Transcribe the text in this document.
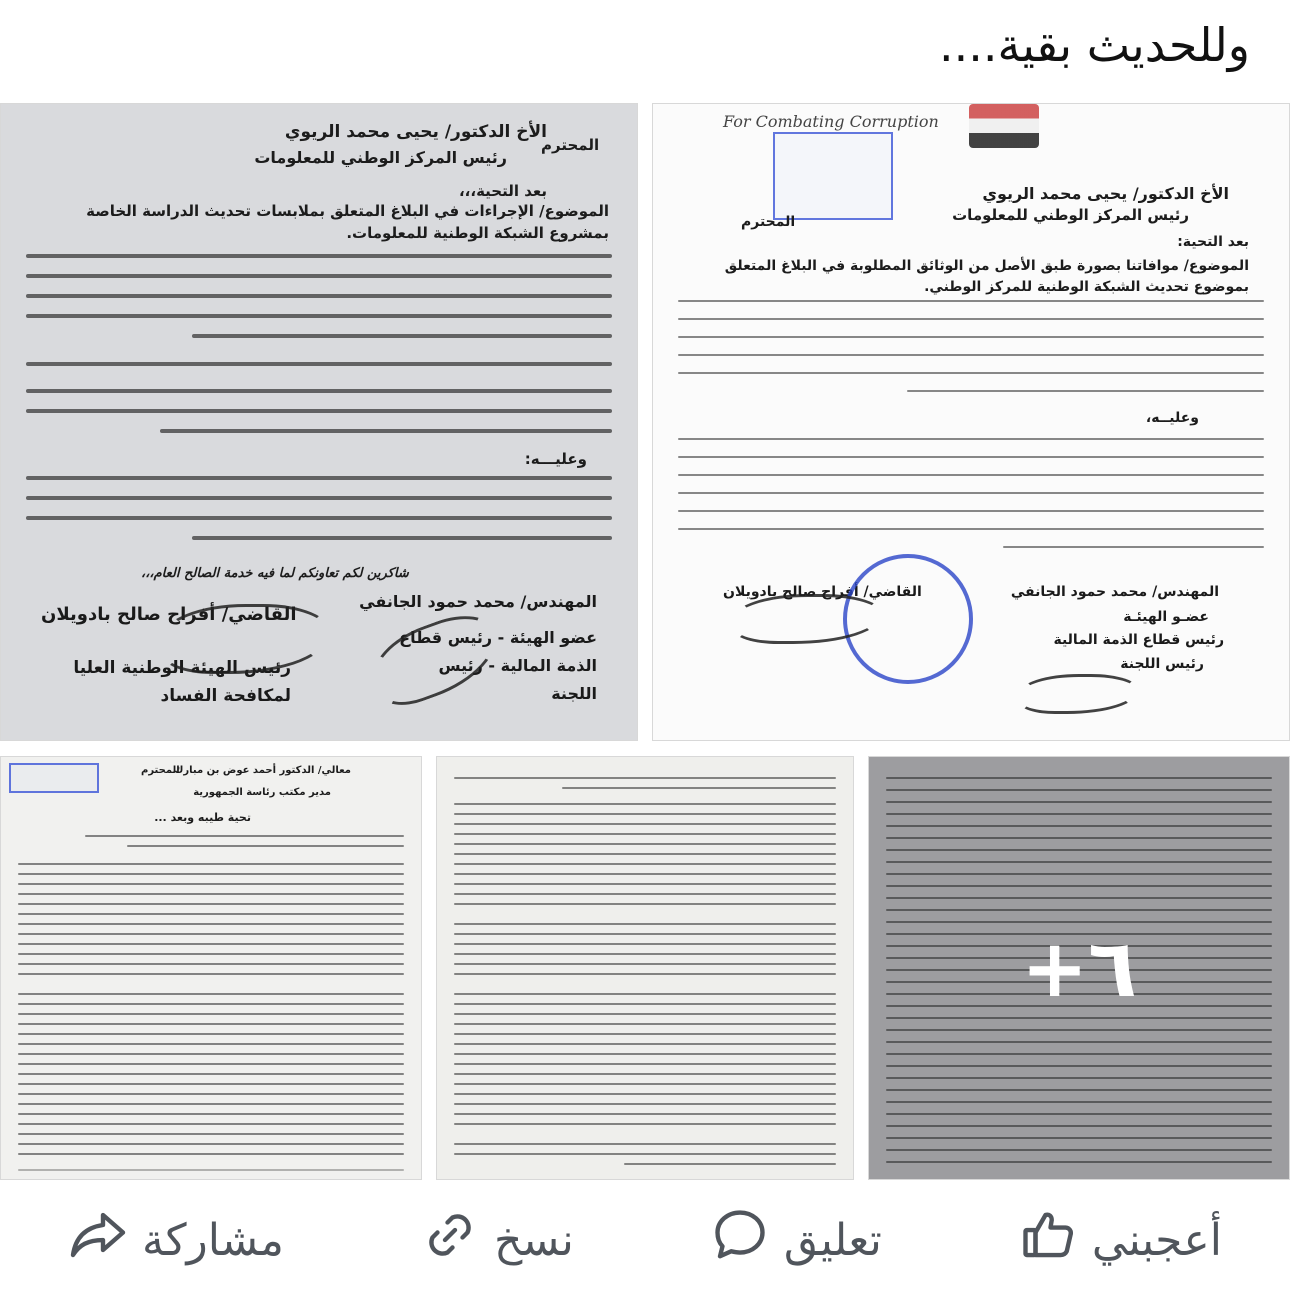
وللحديث بقية....
الأخ الدكتور/ يحيى محمد الريوي
رئيس المركز الوطني للمعلومات
المحترم
بعد التحية،،،
الموضوع/ الإجراءات في البلاغ المتعلق بملابسات تحديث الدراسة الخاصة بمشروع الشبكة الوطنية للمعلومات.
وعليـــه:
شاكرين لكم تعاونكم لما فيه خدمة الصالح العام،،،
القاضي/ أفراح صالح بادويلان
رئيس الهيئة الوطنية العليا لمكافحة الفساد
المهندس/ محمد حمود الجانفي
عضو الهيئة - رئيس قطاع الذمة المالية - رئيس اللجنة
For Combating Corruption
الأخ الدكتور/ يحيى محمد الريوي
رئيس المركز الوطني للمعلومات
المحترم
بعد التحية:
الموضوع/ موافاتنا بصورة طبق الأصل من الوثائق المطلوبة في البلاغ المتعلق بموضوع تحديث الشبكة الوطنية للمركز الوطني.
وعليــه،
القاضي/ أفراح صالح بادويلان	المهندس/ محمد حمود الجانفي
عضـو الهيئـة
رئيس قطاع الذمة المالية
رئيس اللجنة
معالي/ الدكتور أحمد عوض بن مبارك
المحترم
مدير مكتب رئاسة الجمهورية
تحية طيبه وبعد ...
+٦
مشاركة	نسخ	تعليق	أعجبني
